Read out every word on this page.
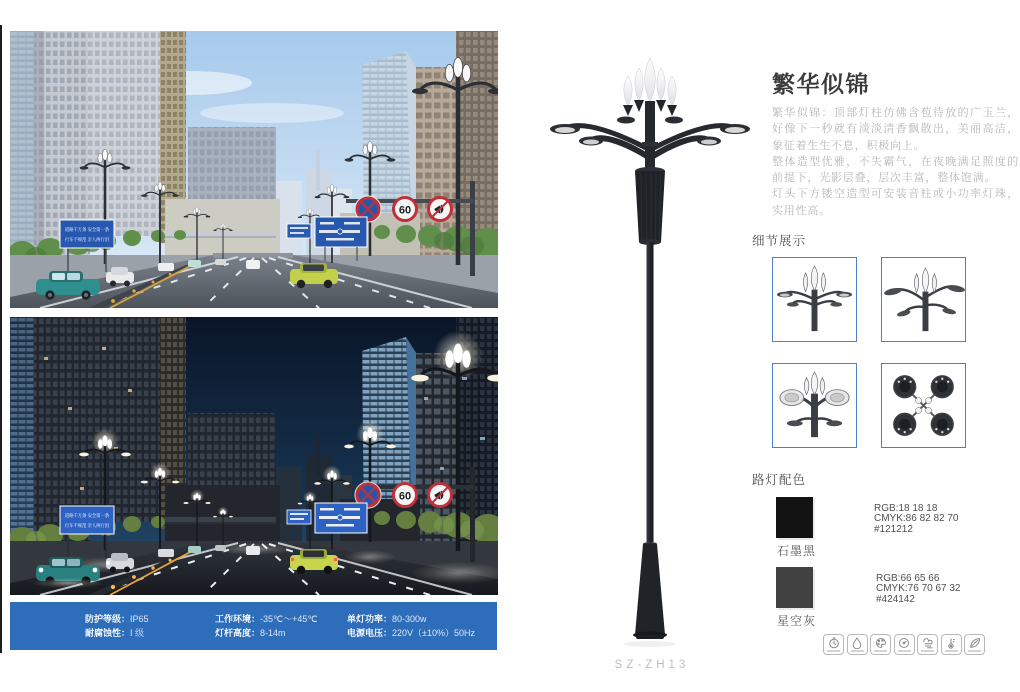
道路千万条 安全第一条
行车不规范 亲人两行泪
60
道路千万条 安全第一条
行车不规范 亲人两行泪
60
防护等级：IP65
耐腐蚀性：I 级
工作环境：-35℃～+45℃
灯杆高度：8-14m
单灯功率：80-300w
电源电压：220V（±10%）50Hz
SZ-ZH13
繁华似锦

繁华似锦：顶部灯柱仿佛含苞待放的广玉兰，好像下一秒就有淡淡清香飘散出，美丽高洁，象征着生生不息，积极向上。

整体造型优雅，不失霸气，在夜晚满足照度的前提下，光影层叠，层次丰富，整体饱满。

灯头下方镂空造型可安装音柱或小功率灯珠，实用性高。

细节展示
路灯配色
石墨黑
RGB:18 18 18
CMYK:86 82 82 70
#121212
星空灰
RGB:66 65 66
CMYK:76 70 67 32
#424142
